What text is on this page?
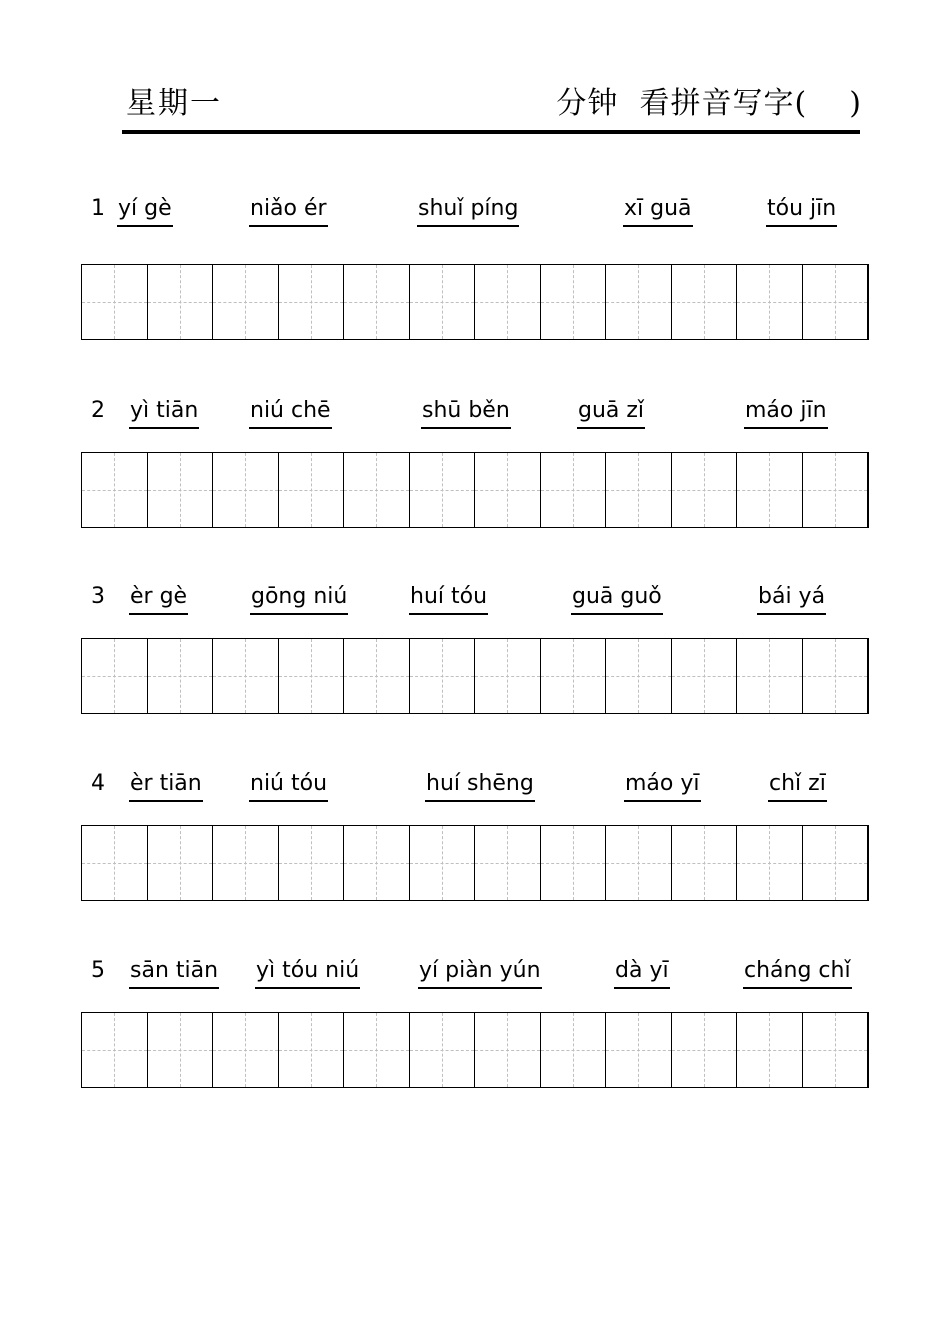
星期一	分钟  看拼音写字(    )
1 yí gè	niǎo ér	shuǐ píng	xī guā	tóu jīn
2 yì tiān niú chē	shū běn	guā zǐ	máo jīn
3 èr gè	gōng niú	huí tóu	guā guǒ	bái yá
4 èr tiān niú tóu	huí shēng	máo yī	chǐ zī
5 sān tiān yì tóu niú	yí piàn yún	dà yī	cháng chǐ
